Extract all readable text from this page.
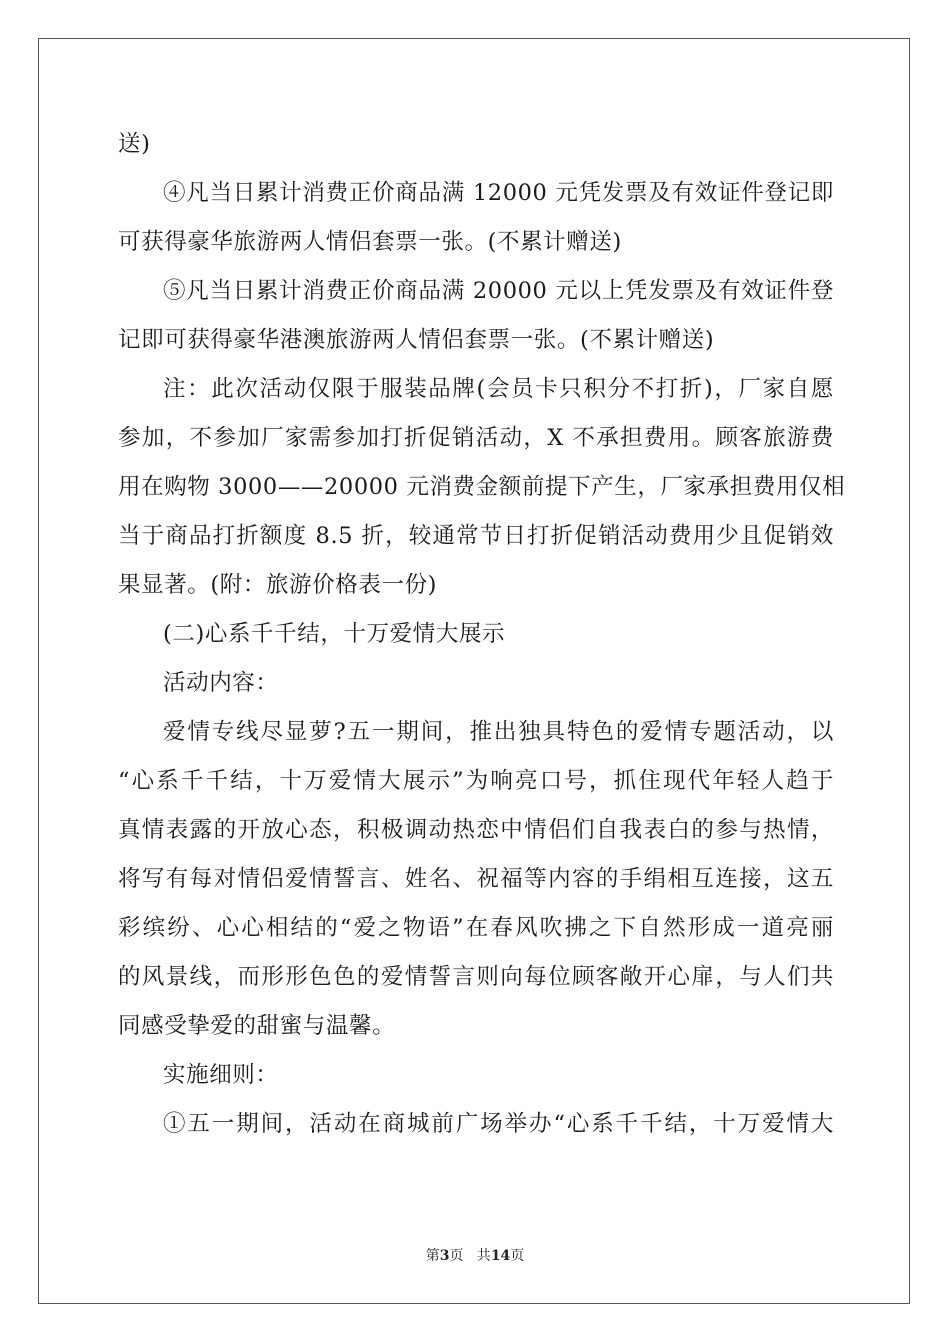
送)
④凡当日累计消费正价商品满 12000 元凭发票及有效证件登记即
可获得豪华旅游两人情侣套票一张。(不累计赠送)
⑤凡当日累计消费正价商品满 20000 元以上凭发票及有效证件登
记即可获得豪华港澳旅游两人情侣套票一张。(不累计赠送)
注：此次活动仅限于服装品牌(会员卡只积分不打折)，厂家自愿
参加，不参加厂家需参加打折促销活动，X 不承担费用。顾客旅游费
用在购物 3000——20000 元消费金额前提下产生，厂家承担费用仅相
当于商品打折额度 8.5 折，较通常节日打折促销活动费用少且促销效
果显著。(附：旅游价格表一份)
(二)心系千千结，十万爱情大展示
活动内容：
爱情专线尽显萝?五一期间，推出独具特色的爱情专题活动，以
“心系千千结，十万爱情大展示”为响亮口号，抓住现代年轻人趋于
真情表露的开放心态，积极调动热恋中情侣们自我表白的参与热情，
将写有每对情侣爱情誓言、姓名、祝福等内容的手绢相互连接，这五
彩缤纷、心心相结的“爱之物语”在春风吹拂之下自然形成一道亮丽
的风景线，而形形色色的爱情誓言则向每位顾客敞开心扉，与人们共
同感受挚爱的甜蜜与温馨。
实施细则：
①五一期间，活动在商城前广场举办“心系千千结，十万爱情大
第3页   共14页
